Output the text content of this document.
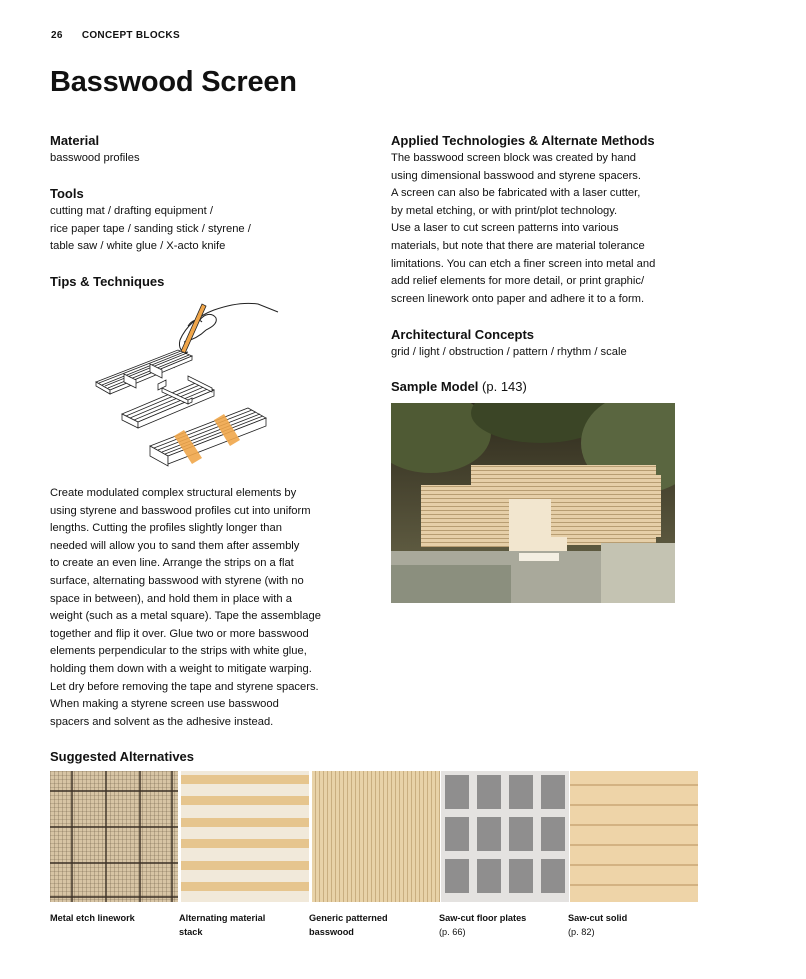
26 CONCEPT BLOCKS
Basswood Screen
Material
basswood profiles
Tools
cutting mat / drafting equipment /
rice paper tape / sanding stick / styrene /
table saw / white glue / X-acto knife
Tips & Techniques
Create modulated complex structural elements by
using styrene and basswood profiles cut into uniform
lengths. Cutting the profiles slightly longer than
needed will allow you to sand them after assembly
to create an even line. Arrange the strips on a flat
surface, alternating basswood with styrene (with no
space in between), and hold them in place with a
weight (such as a metal square). Tape the assemblage
together and flip it over. Glue two or more basswood
elements perpendicular to the strips with white glue,
holding them down with a weight to mitigate warping.
Let dry before removing the tape and styrene spacers.
When making a styrene screen use basswood
spacers and solvent as the adhesive instead.
Applied Technologies & Alternate Methods
The basswood screen block was created by hand
using dimensional basswood and styrene spacers.
A screen can also be fabricated with a laser cutter,
by metal etching, or with print/plot technology.
Use a laser to cut screen patterns into various
materials, but note that there are material tolerance
limitations. You can etch a finer screen into metal and
add relief elements for more detail, or print graphic/
screen linework onto paper and adhere it to a form.
Architectural Concepts
grid / light / obstruction / pattern / rhythm / scale
Sample Model (p. 143)
Suggested Alternatives
Metal etch linework	Alternating material
stack
Generic patterned
basswood
Saw-cut floor plates
(p. 66)
Saw-cut solid
(p. 82)
